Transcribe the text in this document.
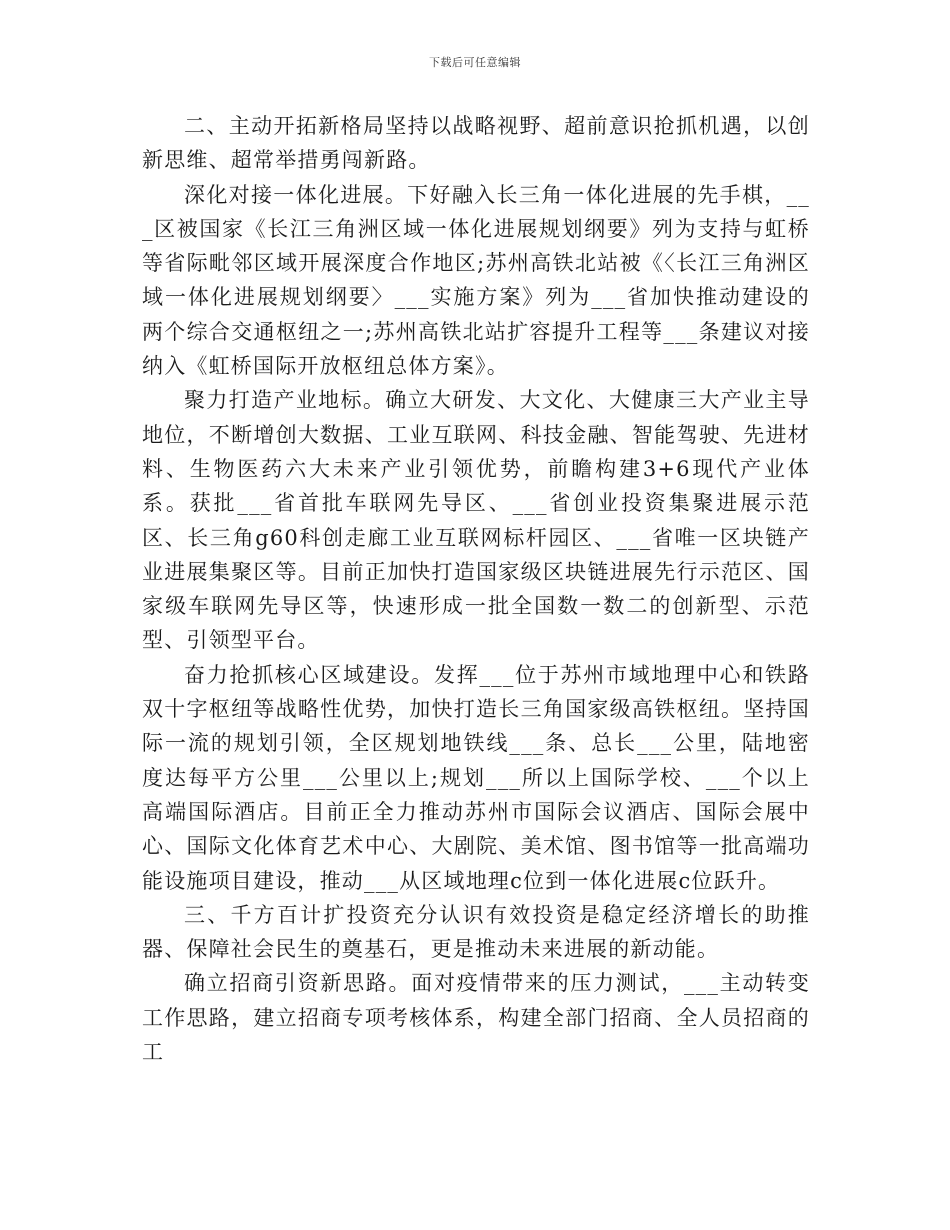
下载后可任意编辑

二、主动开拓新格局坚持以战略视野、超前意识抢抓机遇，以创新思维、超常举措勇闯新路。

深化对接一体化进展。下好融入长三角一体化进展的先手棋，___区被国家《长江三角洲区域一体化进展规划纲要》列为支持与虹桥等省际毗邻区域开展深度合作地区;苏州高铁北站被《〈长江三角洲区域一体化进展规划纲要〉___实施方案》列为___省加快推动建设的两个综合交通枢纽之一;苏州高铁北站扩容提升工程等___条建议对接纳入《虹桥国际开放枢纽总体方案》。

聚力打造产业地标。确立大研发、大文化、大健康三大产业主导地位，不断增创大数据、工业互联网、科技金融、智能驾驶、先进材料、生物医药六大未来产业引领优势，前瞻构建3+6现代产业体系。获批___省首批车联网先导区、___省创业投资集聚进展示范区、长三角g60科创走廊工业互联网标杆园区、___省唯一区块链产业进展集聚区等。目前正加快打造国家级区块链进展先行示范区、国家级车联网先导区等，快速形成一批全国数一数二的创新型、示范型、引领型平台。

奋力抢抓核心区域建设。发挥___位于苏州市域地理中心和铁路双十字枢纽等战略性优势，加快打造长三角国家级高铁枢纽。坚持国际一流的规划引领，全区规划地铁线___条、总长___公里，陆地密度达每平方公里___公里以上;规划___所以上国际学校、___个以上高端国际酒店。目前正全力推动苏州市国际会议酒店、国际会展中心、国际文化体育艺术中心、大剧院、美术馆、图书馆等一批高端功能设施项目建设，推动___从区域地理c位到一体化进展c位跃升。

三、千方百计扩投资充分认识有效投资是稳定经济增长的助推器、保障社会民生的奠基石，更是推动未来进展的新动能。

确立招商引资新思路。面对疫情带来的压力测试，___主动转变工作思路，建立招商专项考核体系，构建全部门招商、全人员招商的工
